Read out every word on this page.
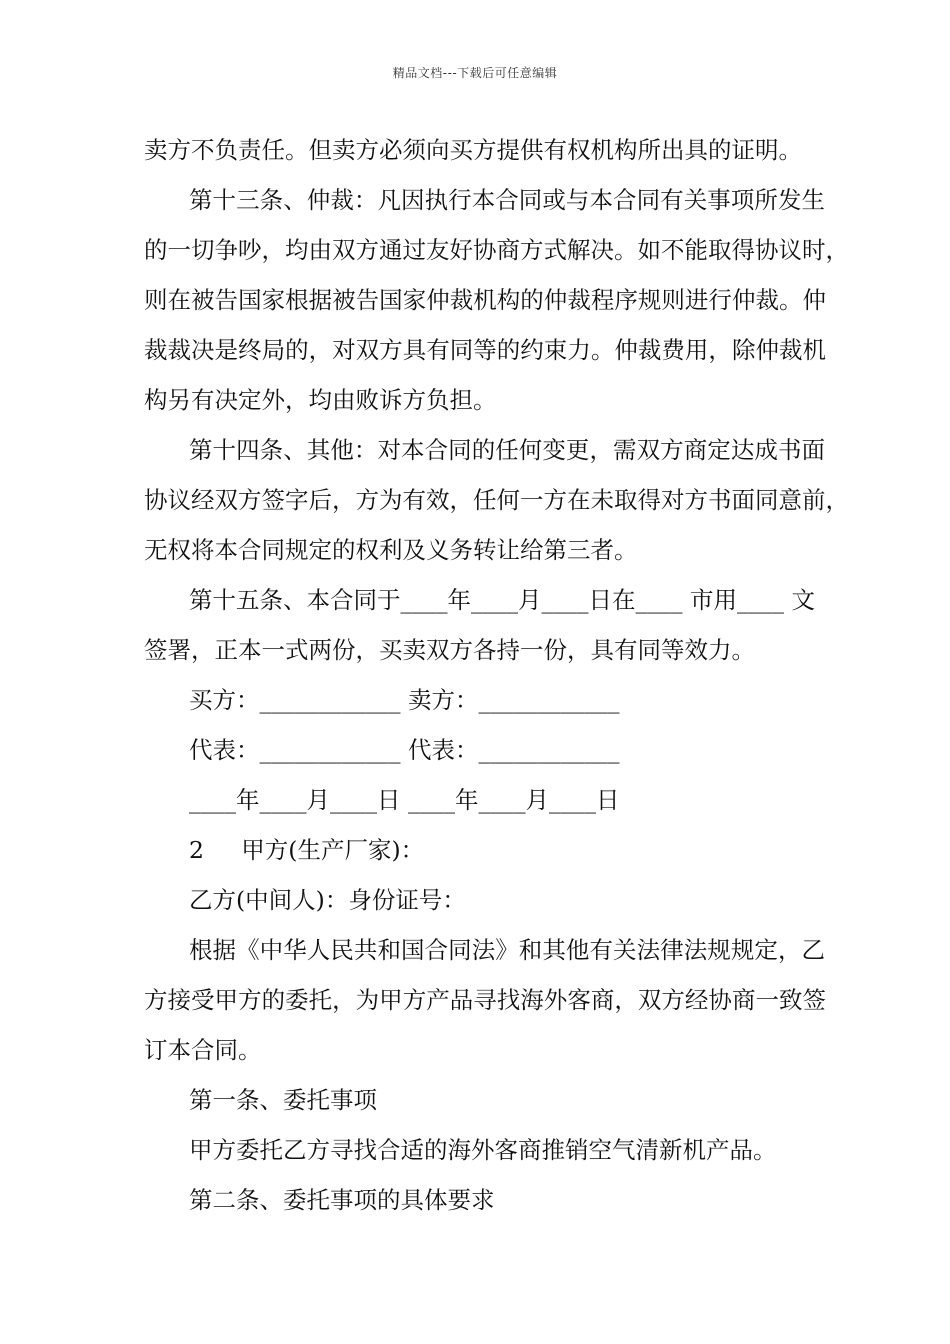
精品文档---下载后可任意编辑
卖方不负责任。但卖方必须向买方提供有权机构所出具的证明。
第十三条、仲裁：凡因执行本合同或与本合同有关事项所发生
的一切争吵，均由双方通过友好协商方式解决。如不能取得协议时，
则在被告国家根据被告国家仲裁机构的仲裁程序规则进行仲裁。仲
裁裁决是终局的，对双方具有同等的约束力。仲裁费用，除仲裁机
构另有决定外，均由败诉方负担。
第十四条、其他：对本合同的任何变更，需双方商定达成书面
协议经双方签字后，方为有效，任何一方在未取得对方书面同意前，
无权将本合同规定的权利及义务转让给第三者。
第十五条、本合同于____年____月____日在____ 市用____ 文
签署，正本一式两份，买卖双方各持一份，具有同等效力。
买方：____________ 卖方：____________
代表：____________ 代表：____________
____年____月____日 ____年____月____日
2     甲方(生产厂家)：
乙方(中间人)：身份证号：
根据《中华人民共和国合同法》和其他有关法律法规规定，乙
方接受甲方的委托，为甲方产品寻找海外客商，双方经协商一致签
订本合同。
第一条、委托事项
甲方委托乙方寻找合适的海外客商推销空气清新机产品。
第二条、委托事项的具体要求
